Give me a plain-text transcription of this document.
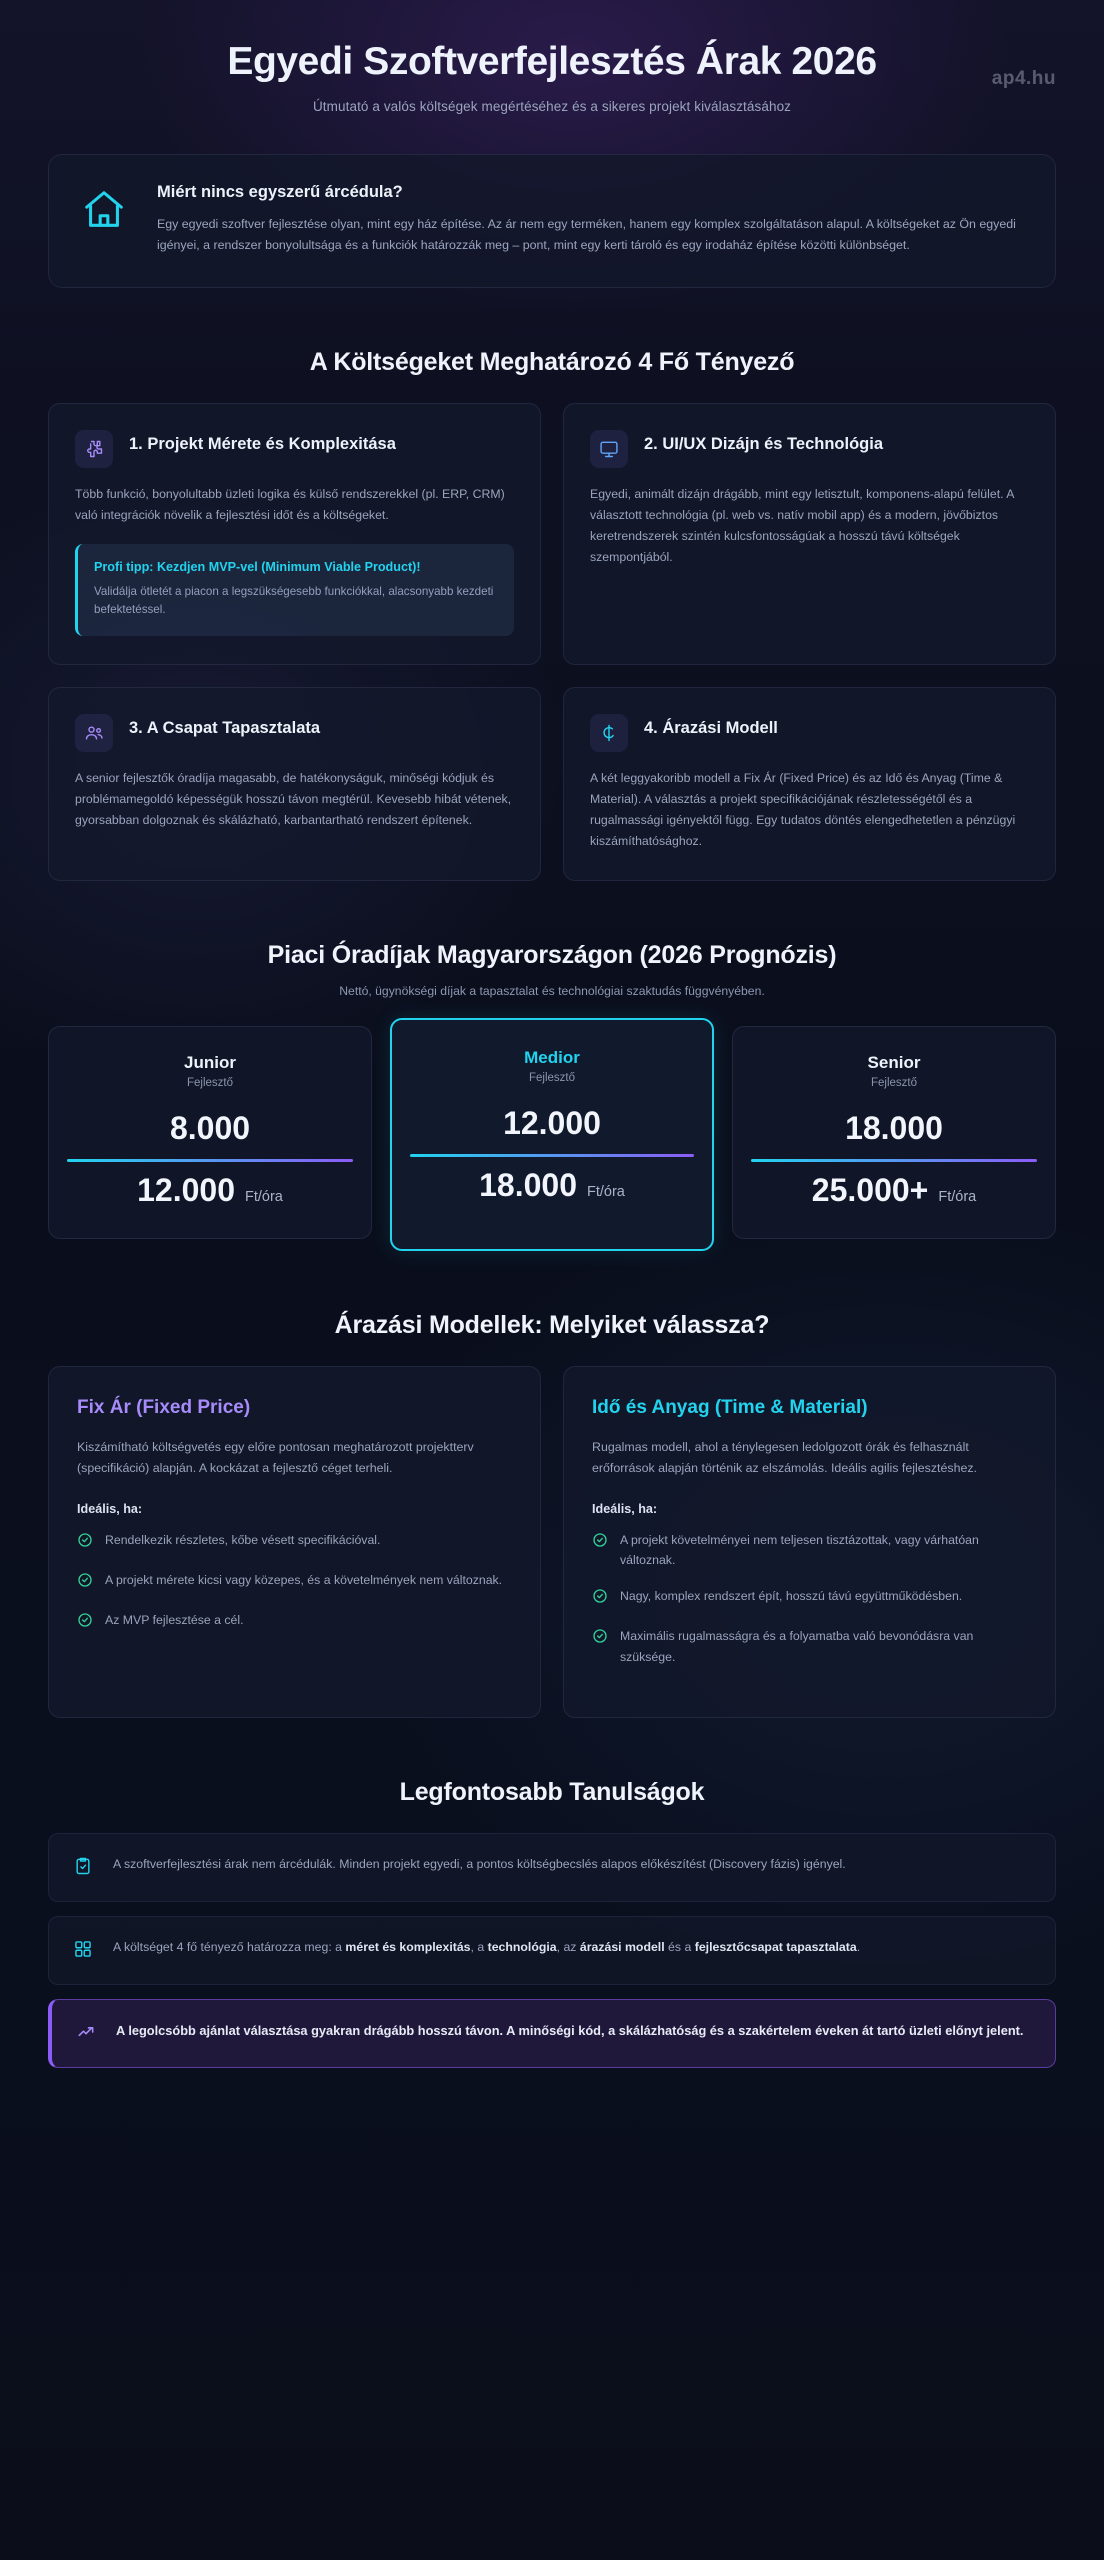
Egyedi Szoftverfejlesztés Árak 2026
Útmutató a valós költségek megértéséhez és a sikeres projekt kiválasztásához
ap4.hu
Miért nincs egyszerű árcédula?

Egy egyedi szoftver fejlesztése olyan, mint egy ház építése. Az ár nem egy terméken, hanem egy komplex szolgáltatáson alapul. A költségeket az Ön egyedi igényei, a rendszer bonyolultsága és a funkciók határozzák meg – pont, mint egy kerti tároló és egy irodaház építése közötti különbséget.

A Költségeket Meghatározó 4 Fő Tényező
1. Projekt Mérete és Komplexitása

Több funkció, bonyolultabb üzleti logika és külső rendszerekkel (pl. ERP, CRM) való integrációk növelik a fejlesztési időt és a költségeket.

Profi tipp: Kezdjen MVP-vel (Minimum Viable Product)!
Validálja ötletét a piacon a legszükségesebb funkciókkal, alacsonyabb kezdeti befektetéssel.
2. UI/UX Dizájn és Technológia

Egyedi, animált dizájn drágább, mint egy letisztult, komponens-alapú felület. A választott technológia (pl. web vs. natív mobil app) és a modern, jövőbiztos keretrendszerek szintén kulcsfontosságúak a hosszú távú költségek szempontjából.

3. A Csapat Tapasztalata

A senior fejlesztők óradíja magasabb, de hatékonyságuk, minőségi kódjuk és problémamegoldó képességük hosszú távon megtérül. Kevesebb hibát vétenek, gyorsabban dolgoznak és skálázható, karbantartható rendszert építenek.

4. Árazási Modell

A két leggyakoribb modell a Fix Ár (Fixed Price) és az Idő és Anyag (Time & Material). A választás a projekt specifikációjának részletességétől és a rugalmassági igényektől függ. Egy tudatos döntés elengedhetetlen a pénzügyi kiszámíthatósághoz.

Piaci Óradíjak Magyarországon (2026 Prognózis)
Nettó, ügynökségi díjak a tapasztalat és technológiai szaktudás függvényében.
Junior
Fejlesztő
8.000
12.000 Ft/óra
Medior
Fejlesztő
12.000
18.000 Ft/óra
Senior
Fejlesztő
18.000
25.000+ Ft/óra
Árazási Modellek: Melyiket válassza?
Fix Ár (Fixed Price)

Kiszámítható költségvetés egy előre pontosan meghatározott projektterv (specifikáció) alapján. A kockázat a fejlesztő céget terheli.

Ideális, ha:
Rendelkezik részletes, kőbe vésett specifikációval.
A projekt mérete kicsi vagy közepes, és a követelmények nem változnak.
Az MVP fejlesztése a cél.
Idő és Anyag (Time & Material)

Rugalmas modell, ahol a ténylegesen ledolgozott órák és felhasznált erőforrások alapján történik az elszámolás. Ideális agilis fejlesztéshez.

Ideális, ha:
A projekt követelményei nem teljesen tisztázottak, vagy várhatóan változnak.
Nagy, komplex rendszert épít, hosszú távú együttműködésben.
Maximális rugalmasságra és a folyamatba való bevonódásra van szüksége.
Legfontosabb Tanulságok

A szoftverfejlesztési árak nem árcédulák. Minden projekt egyedi, a pontos költségbecslés alapos előkészítést (Discovery fázis) igényel.

A költséget 4 fő tényező határozza meg: a méret és komplexitás, a technológia, az árazási modell és a fejlesztőcsapat tapasztalata.

A legolcsóbb ajánlat választása gyakran drágább hosszú távon. A minőségi kód, a skálázhatóság és a szakértelem éveken át tartó üzleti előnyt jelent.
